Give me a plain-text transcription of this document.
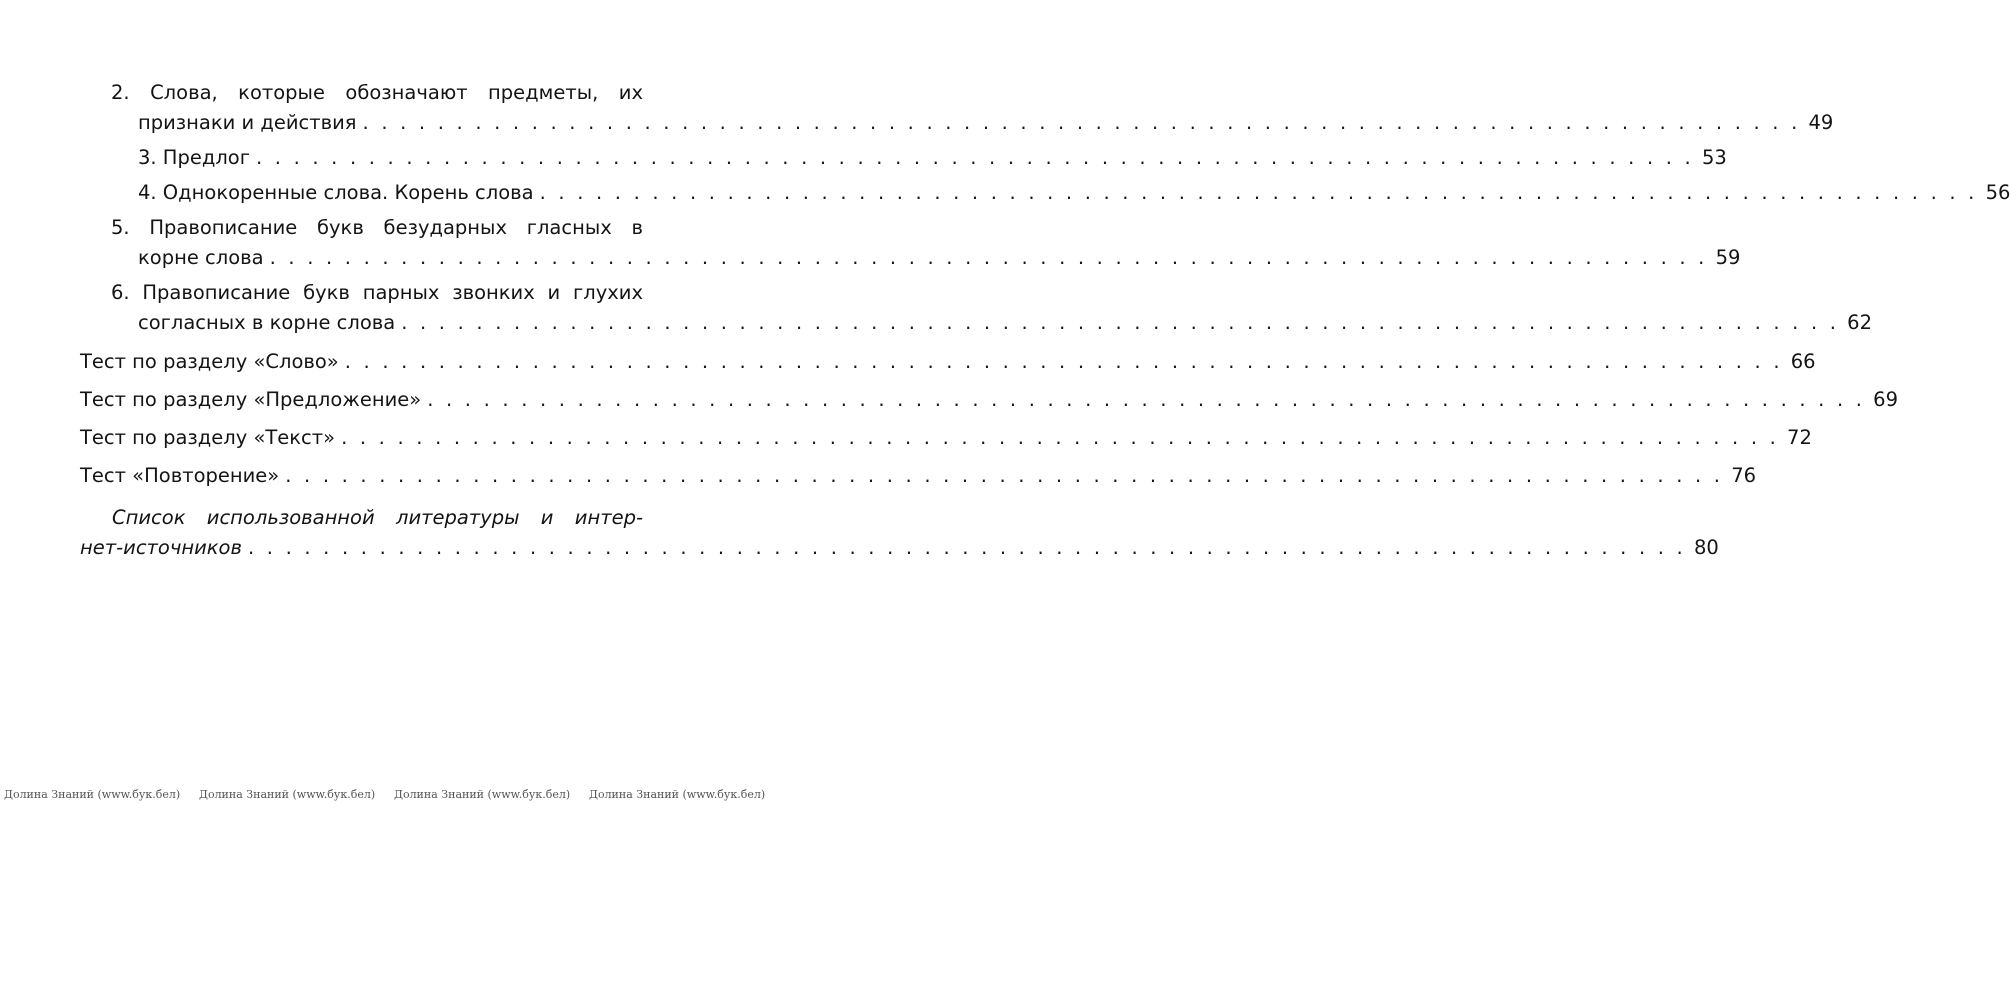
2. Слова, которые обозначают предметы, их
признаки и действия . . .	49
3. Предлог . . .	53
4. Однокоренные слова. Корень слова . . .	56
5. Правописание букв безударных гласных в
корне слова . . .	59
6. Правописание букв парных звонких и глухих
согласных в корне слова . . .	62
Тест по разделу «Слово» . . .	66
Тест по разделу «Предложение» . . .	69
Тест по разделу «Текст» . . .	72
Тест «Повторение» . . .	76
Список использованной литературы и интер-
нет-источников . . .	80
Долина Знаний (www.бук.бел) Долина Знаний (www.бук.бел) Долина Знаний (www.бук.бел) Долина Знаний (www.бук.бел)
